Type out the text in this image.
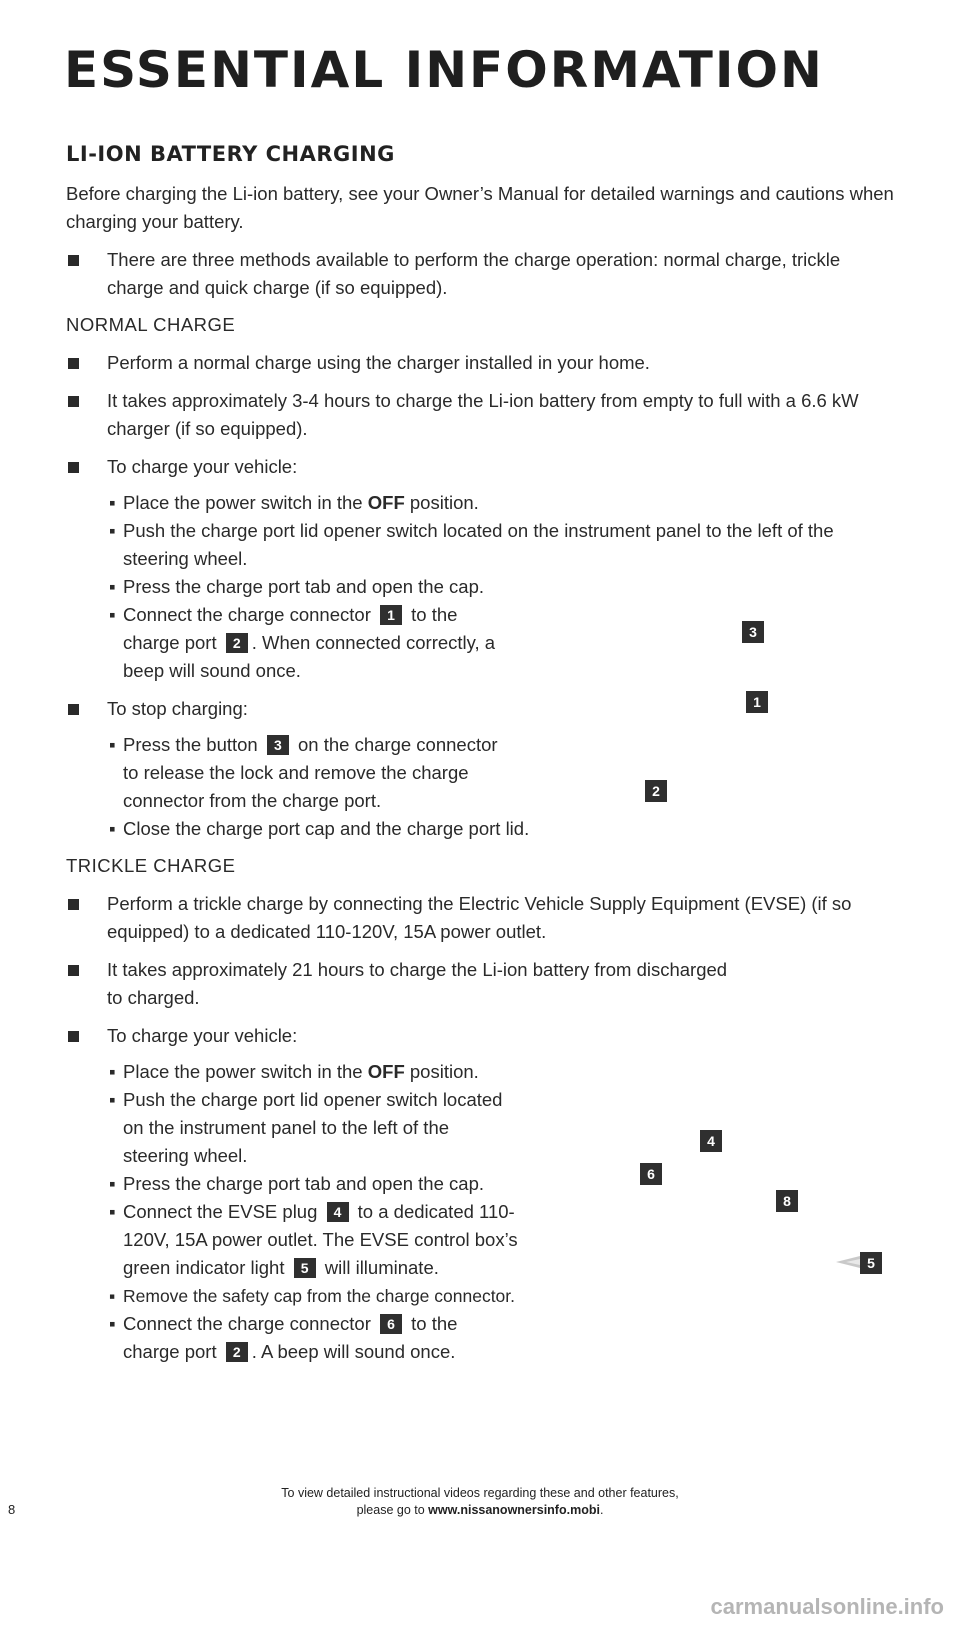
ESSENTIAL INFORMATION
LI-ION BATTERY CHARGING

Before charging the Li-ion battery, see your Owner’s Manual for detailed warnings and cautions when charging your battery.

There are three methods available to perform the charge operation: normal charge, trickle charge and quick charge (if so equipped).

NORMAL CHARGE

Perform a normal charge using the charger installed in your home.
It takes approximately 3-4 hours to charge the Li-ion battery from empty to full with a 6.6 kW charger (if so equipped).
To charge your vehicle:
▪ Place the power switch in the OFF position.
▪ Push the charge port lid opener switch located on the instrument panel to the left of the steering wheel.
▪ Press the charge port tab and open the cap.
▪ Connect the charge connector 1 to the
charge port 2 . When connected correctly, a
beep will sound once.
To stop charging:
▪ Press the button 3 on the charge connector
to release the lock and remove the charge
connector from the charge port.
▪ Close the charge port cap and the charge port lid.

TRICKLE CHARGE

Perform a trickle charge by connecting the Electric Vehicle Supply Equipment (EVSE) (if so equipped) to a dedicated 110-120V, 15A power outlet.
It takes approximately 21 hours to charge the Li-ion battery from discharged
to charged.
To charge your vehicle:
▪ Place the power switch in the OFF position.
▪ Push the charge port lid opener switch located
on the instrument panel to the left of the
steering wheel.
▪ Press the charge port tab and open the cap.
▪ Connect the EVSE plug 4 to a dedicated 110-
120V, 15A power outlet. The EVSE control box’s
green indicator light 5 will illuminate.
▪ Remove the safety cap from the charge connector.
▪ Connect the charge connector 6 to the
charge port 2 . A beep will sound once.
3
1
2
4
6
8
5
8
To view detailed instructional videos regarding these and other features,
please go to www.nissanownersinfo.mobi.
carmanualsonline.info
